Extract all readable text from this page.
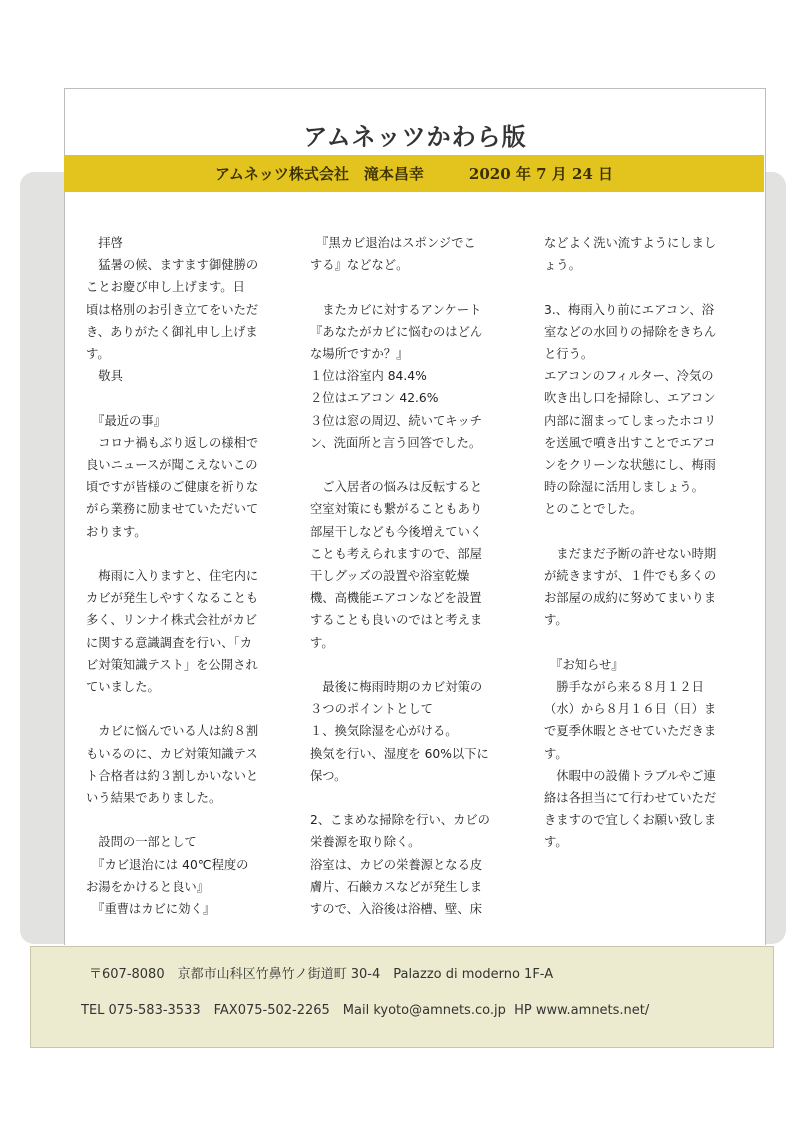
アムネッツかわら版
アムネッツ株式会社　滝本昌幸　　　2020 年 7 月 24 日

　拝啓

　猛暑の候、ますます御健勝の

ことお慶び申し上げます。日

頃は格別のお引き立てをいただ

き、ありがたく御礼申し上げま

す。

　敬具

　『最近の事』

　コロナ禍もぶり返しの様相で

良いニュースが聞こえないこの

頃ですが皆様のご健康を祈りな

がら業務に励ませていただいて

おります。

　梅雨に入りますと、住宅内に

カビが発生しやすくなることも

多く、リンナイ株式会社がカビ

に関する意識調査を行い、「カ

ビ対策知識テスト」を公開され

ていました。

　カビに悩んでいる人は約８割

もいるのに、カビ対策知識テス

ト合格者は約３割しかいないと

いう結果でありました。

　設問の一部として

　『カビ退治には 40℃程度の

お湯をかけると良い』

　『重曹はカビに効く』

　『黒カビ退治はスポンジでこ

する』などなど。

　またカビに対するアンケート

『あなたがカビに悩むのはどん

な場所ですか？』

１位は浴室内 84.4%

２位はエアコン 42.6%

３位は窓の周辺、続いてキッチ

ン、洗面所と言う回答でした。

　ご入居者の悩みは反転すると

空室対策にも繋がることもあり

部屋干しなども今後増えていく

ことも考えられますので、部屋

干しグッズの設置や浴室乾燥

機、高機能エアコンなどを設置

することも良いのではと考えま

す。

　最後に梅雨時期のカビ対策の

３つのポイントとして

１、換気除湿を心がける。

換気を行い、湿度を 60%以下に

保つ。

2、こまめな掃除を行い、カビの

栄養源を取り除く。

浴室は、カビの栄養源となる皮

膚片、石鹸カスなどが発生しま

すので、入浴後は浴槽、壁、床

などよく洗い流すようにしまし

ょう。

3.、梅雨入り前にエアコン、浴

室などの水回りの掃除をきちん

と行う。

エアコンのフィルター、冷気の

吹き出し口を掃除し、エアコン

内部に溜まってしまったホコリ

を送風で噴き出すことでエアコ

ンをクリーンな状態にし、梅雨

時の除湿に活用しましょう。

とのことでした。

　まだまだ予断の許せない時期

が続きますが、１件でも多くの

お部屋の成約に努めてまいりま

す。

　『お知らせ』

　勝手ながら来る８月１２日

（水）から８月１６日（日）ま

で夏季休暇とさせていただきま

す。

　休暇中の設備トラブルやご連

絡は各担当にて行わせていただ

きますので宜しくお願い致しま

す。

〒607-8080　京都市山科区竹鼻竹ノ街道町 30-4　Palazzo di moderno 1F-A
TEL 075-583-3533　FAX075-502-2265　Mail kyoto@amnets.co.jp  HP www.amnets.net/
